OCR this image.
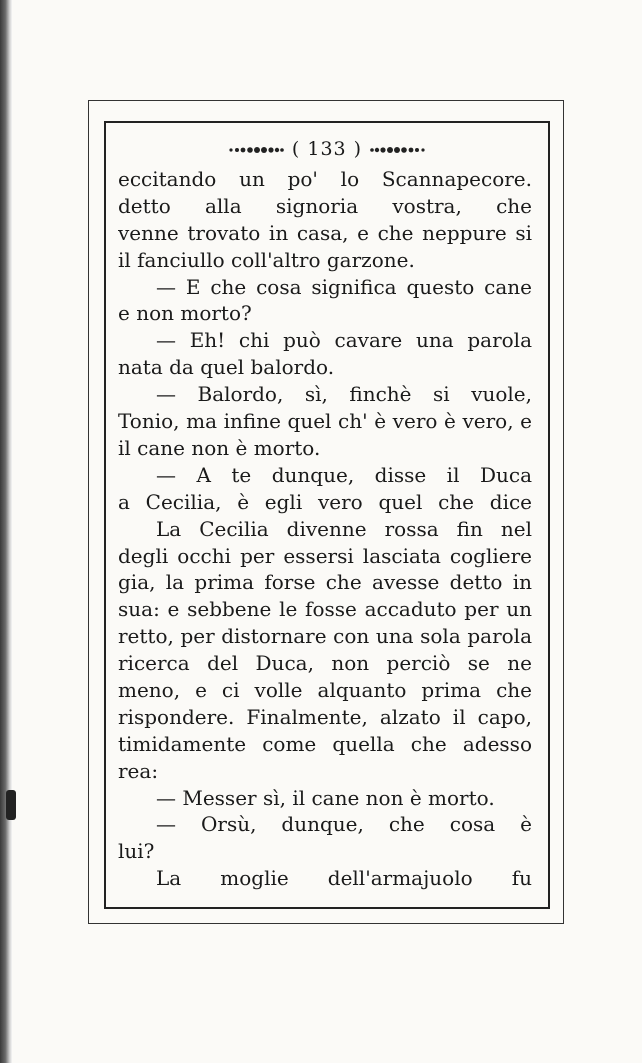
( 133 )
eccitando un po' lo Scannapecore.
detto alla signoria vostra, che
venne trovato in casa, e che neppure si
il fanciullo coll'altro garzone.
— E che cosa significa questo cane
e non morto?
— Eh! chi può cavare una parola
nata da quel balordo.
— Balordo, sì, finchè si vuole,
Tonio, ma infine quel ch' è vero è vero, e
il cane non è morto.
— A te dunque, disse il Duca
a Cecilia, è egli vero quel che dice
La Cecilia divenne rossa fin nel
degli occhi per essersi lasciata cogliere
gia, la prima forse che avesse detto in
sua: e sebbene le fosse accaduto per un
retto, per distornare con una sola parola
ricerca del Duca, non perciò se ne
meno, e ci volle alquanto prima che
rispondere. Finalmente, alzato il capo,
timidamente come quella che adesso
rea:
— Messer sì, il cane non è morto.
— Orsù, dunque, che cosa è
lui?
La moglie dell'armajuolo fu
